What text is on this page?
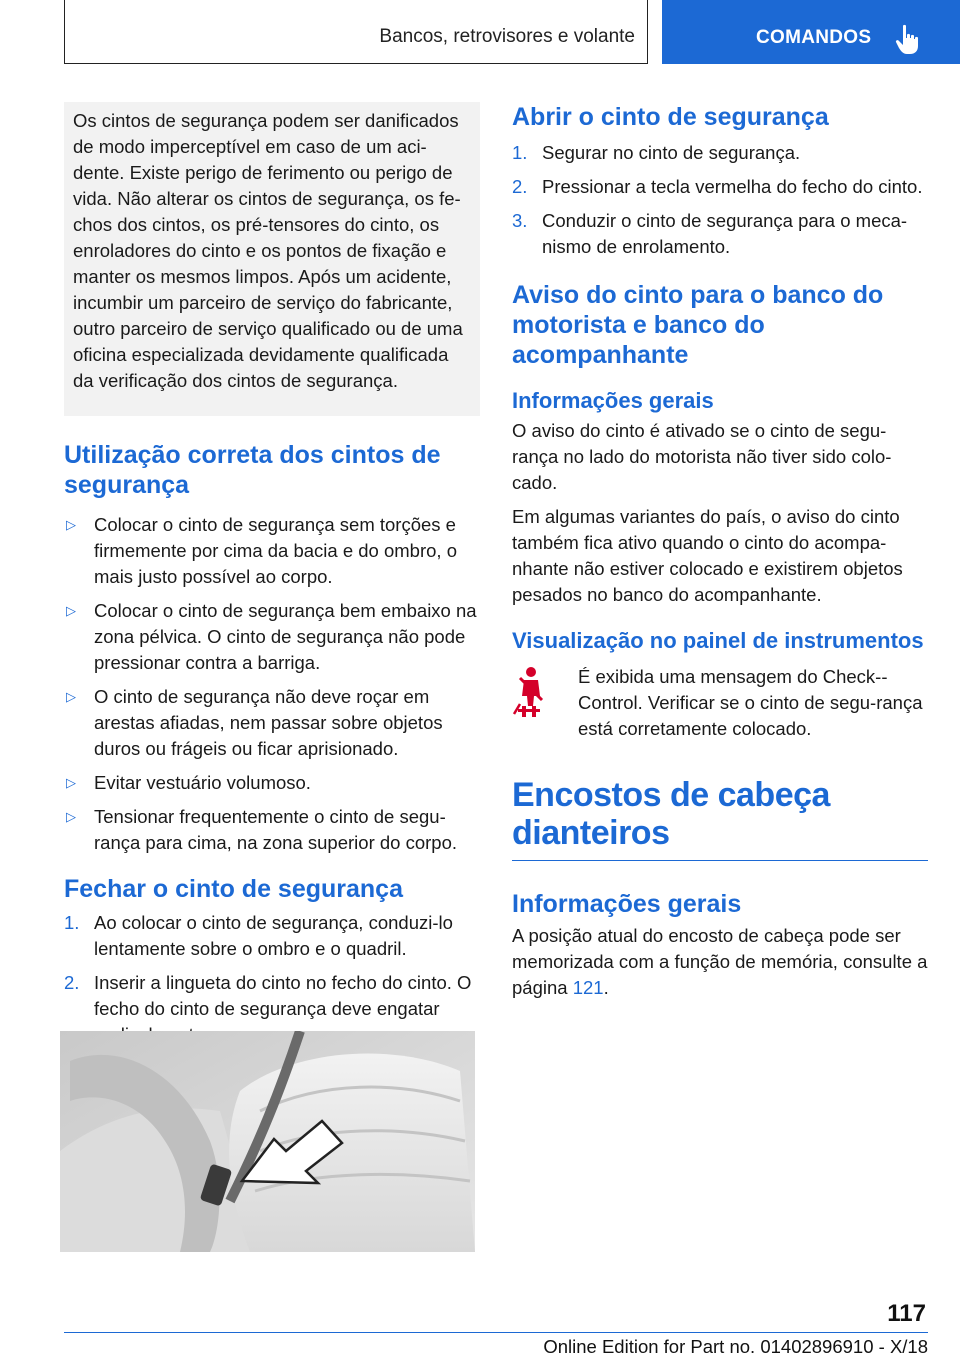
Bancos, retrovisores e volante	COMANDOS

Os cintos de segurança podem ser danificados de modo imperceptível em caso de um aci-dente. Existe perigo de ferimento ou perigo de vida. Não alterar os cintos de segurança, os fe-chos dos cintos, os pré-tensores do cinto, os enroladores do cinto e os pontos de fixação e manter os mesmos limpos. Após um acidente, incumbir um parceiro de serviço do fabricante, outro parceiro de serviço qualificado ou de uma oficina especializada devidamente qualificada da verificação dos cintos de segurança.

Utilização correta dos cintos de segurança
▷ Colocar o cinto de segurança sem torções e firmemente por cima da bacia e do ombro, o mais justo possível ao corpo.
▷ Colocar o cinto de segurança bem embaixo na zona pélvica. O cinto de segurança não pode pressionar contra a barriga.
▷ O cinto de segurança não deve roçar em arestas afiadas, nem passar sobre objetos duros ou frágeis ou ficar aprisionado.
▷ Evitar vestuário volumoso.
▷ Tensionar frequentemente o cinto de segu-rança para cima, na zona superior do corpo.
Fechar o cinto de segurança
1. Ao colocar o cinto de segurança, conduzi-lo lentamente sobre o ombro e o quadril.
2. Inserir a lingueta do cinto no fecho do cinto. O fecho do cinto de segurança deve engatar
Abrir o cinto de segurança
1. Segurar no cinto de segurança.
2. Pressionar a tecla vermelha do fecho do cinto.
3. Conduzir o cinto de segurança para o meca-nismo de enrolamento.
Aviso do cinto para o banco do motorista e banco do acompanhante
Informações gerais

O aviso do cinto é ativado se o cinto de segu-rança no lado do motorista não tiver sido colo-cado.

Em algumas variantes do país, o aviso do cinto também fica ativo quando o cinto do acompa-nhante não estiver colocado e existirem objetos pesados no banco do acompanhante.

Visualização no painel de instrumentos

É exibida uma mensagem do Check--Control. Verificar se o cinto de segu-rança está corretamente colocado.

Encostos de cabeça dianteiros
Informações gerais

A posição atual do encosto de cabeça pode ser memorizada com a função de memória, consulte a página 121.

117
Online Edition for Part no. 01402896910 - X/18
